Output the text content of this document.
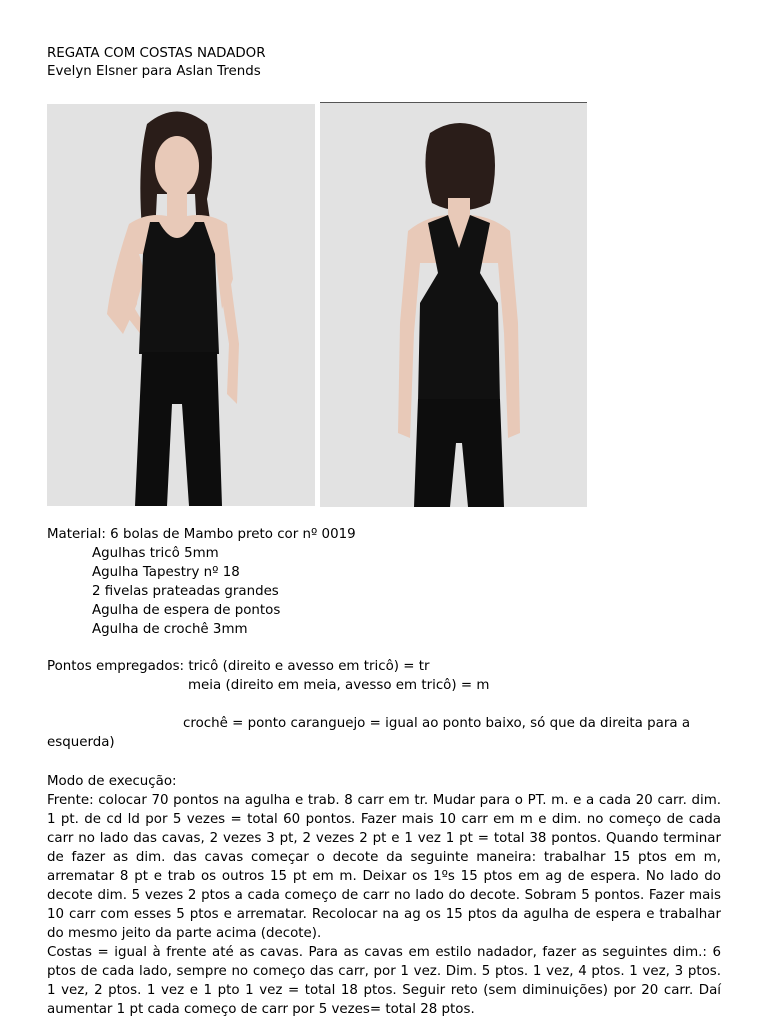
REGATA COM COSTAS NADADOR
Evelyn Elsner para Aslan Trends

Material: 6 bolas de Mambo preto cor nº 0019

Agulhas tricô 5mm

Agulha Tapestry nº 18

2 fivelas prateadas grandes

Agulha de espera de pontos

Agulha de crochê 3mm

Pontos empregados: tricô (direito e avesso em tricô) = tr

meia (direito em meia, avesso em tricô) = m

crochê = ponto caranguejo = igual ao ponto baixo, só que da direita para a

esquerda)

Modo de execução:

Frente: colocar 70 pontos na agulha e trab. 8 carr em tr. Mudar para o PT. m. e a cada 20 carr. dim. 1 pt. de cd ld por 5 vezes = total 60 pontos. Fazer mais 10 carr em m e dim. no começo de cada carr no lado das cavas, 2 vezes 3 pt, 2 vezes 2 pt e 1 vez 1 pt = total 38 pontos. Quando terminar de fazer as dim. das cavas começar o decote da seguinte maneira: trabalhar 15 ptos em m, arrematar 8 pt e trab os outros 15 pt em m. Deixar os 1ºs 15 ptos em ag de espera. No lado do decote dim. 5 vezes 2 ptos a cada começo de carr no lado do decote. Sobram 5 pontos. Fazer mais 10 carr com esses 5 ptos e arrematar. Recolocar na ag os 15 ptos da agulha de espera e trabalhar do mesmo jeito da parte acima (decote).

Costas = igual à frente até as cavas. Para as cavas em estilo nadador, fazer as seguintes dim.: 6 ptos de cada lado, sempre no começo das carr, por 1 vez. Dim. 5 ptos. 1 vez, 4 ptos. 1 vez, 3 ptos. 1 vez, 2 ptos. 1 vez e 1 pto 1 vez = total 18 ptos. Seguir reto (sem diminuições) por 20 carr. Daí aumentar 1 pt cada começo de carr por 5 vezes= total 28 ptos.
